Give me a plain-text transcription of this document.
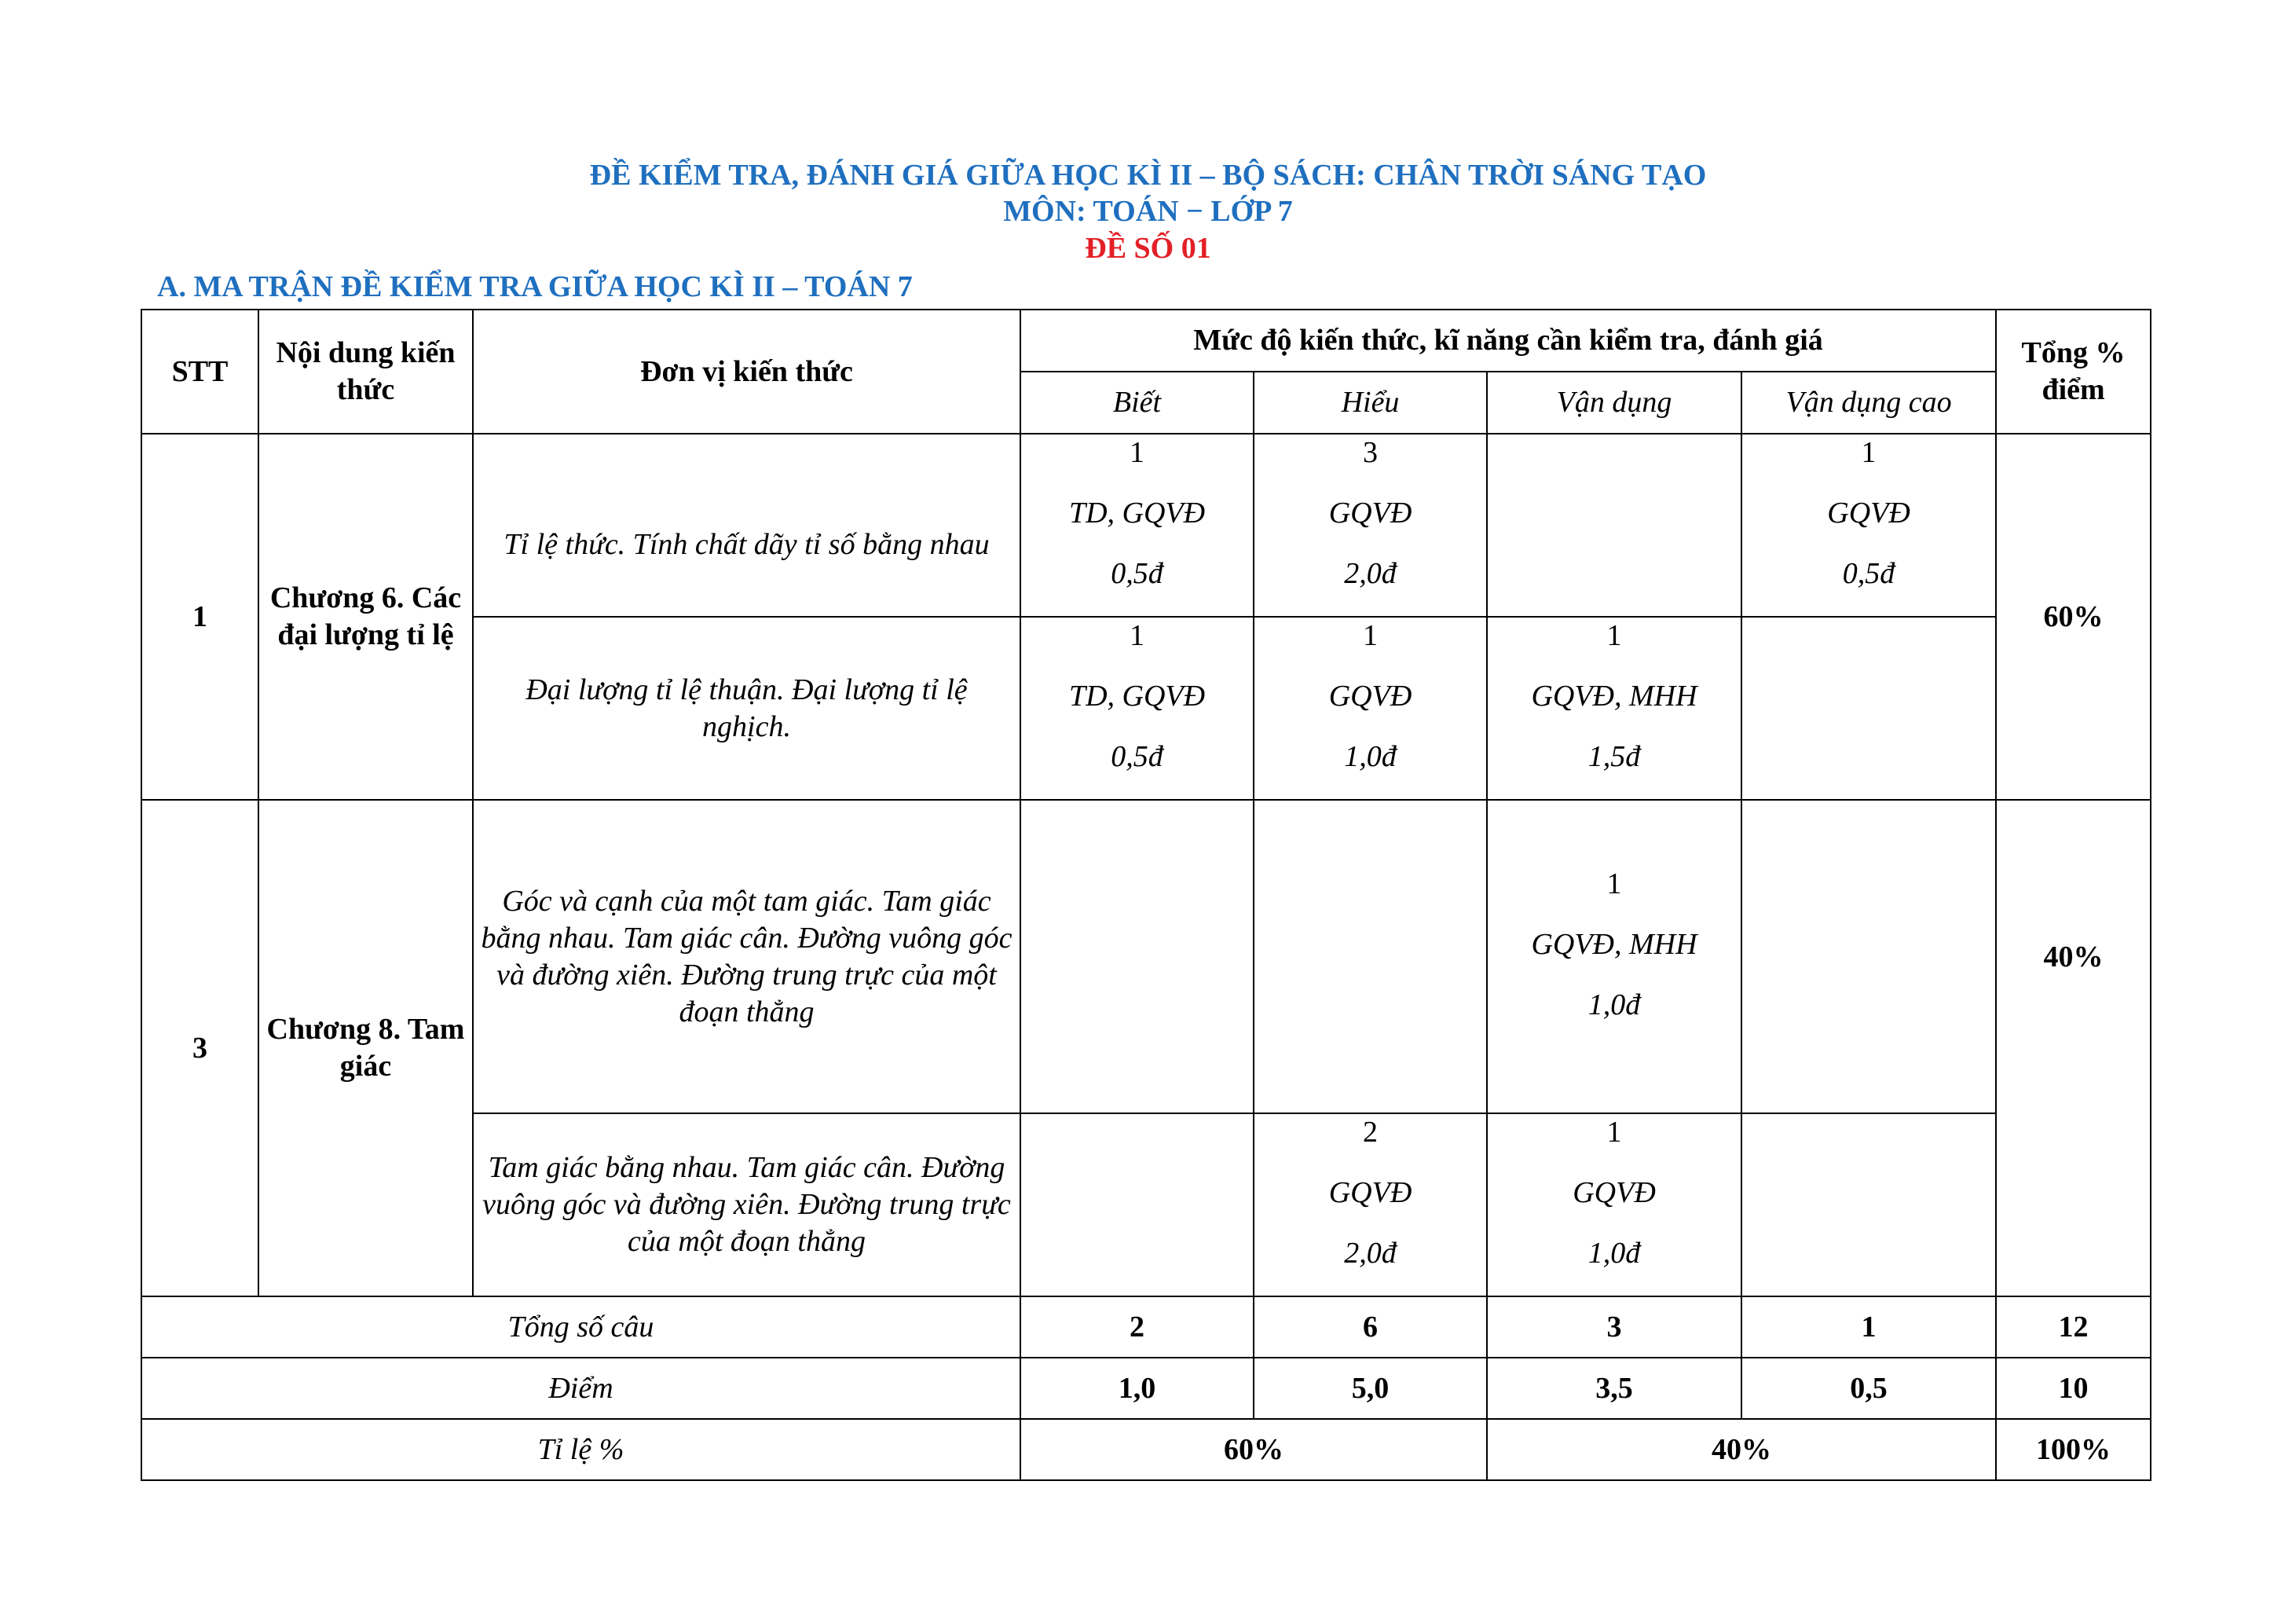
ĐỀ KIỂM TRA, ĐÁNH GIÁ GIỮA HỌC KÌ II – BỘ SÁCH: CHÂN TRỜI SÁNG TẠO
MÔN: TOÁN − LỚP 7
ĐỀ SỐ 01
A. MA TRẬN ĐỀ KIỂM TRA GIỮA HỌC KÌ II – TOÁN 7
STT	Nội dung kiến thức	Đơn vị kiến thức	Mức độ kiến thức, kĩ năng cần kiểm tra, đánh giá				Tổng % điểm
			Biết	Hiểu	Vận dụng	Vận dụng cao	
1	Chương 6. Các đại lượng tỉ lệ	Tỉ lệ thức. Tính chất dãy tỉ số bằng nhau	1
TD, GQVĐ
0,5đ	3
GQVĐ
2,0đ		1
GQVĐ
0,5đ	60%
		Đại lượng tỉ lệ thuận. Đại lượng tỉ lệ nghịch.	1
TD, GQVĐ
0,5đ	1
GQVĐ
1,0đ	1
GQVĐ, MHH
1,5đ		

3	Chương 8. Tam giác	Góc và cạnh của một tam giác. Tam giác bằng nhau. Tam giác cân. Đường vuông góc và đường xiên. Đường trung trực của một đoạn thẳng			1
GQVĐ, MHH
1,0đ		40%
		Tam giác bằng nhau. Tam giác cân. Đường vuông góc và đường xiên. Đường trung trực của một đoạn thẳng		2
GQVĐ
2,0đ	1
GQVĐ
1,0đ		

Tổng số câu			2	6	3	1	12
Điểm			1,0	5,0	3,5	0,5	10
Tỉ lệ %			60%		40%		100%
